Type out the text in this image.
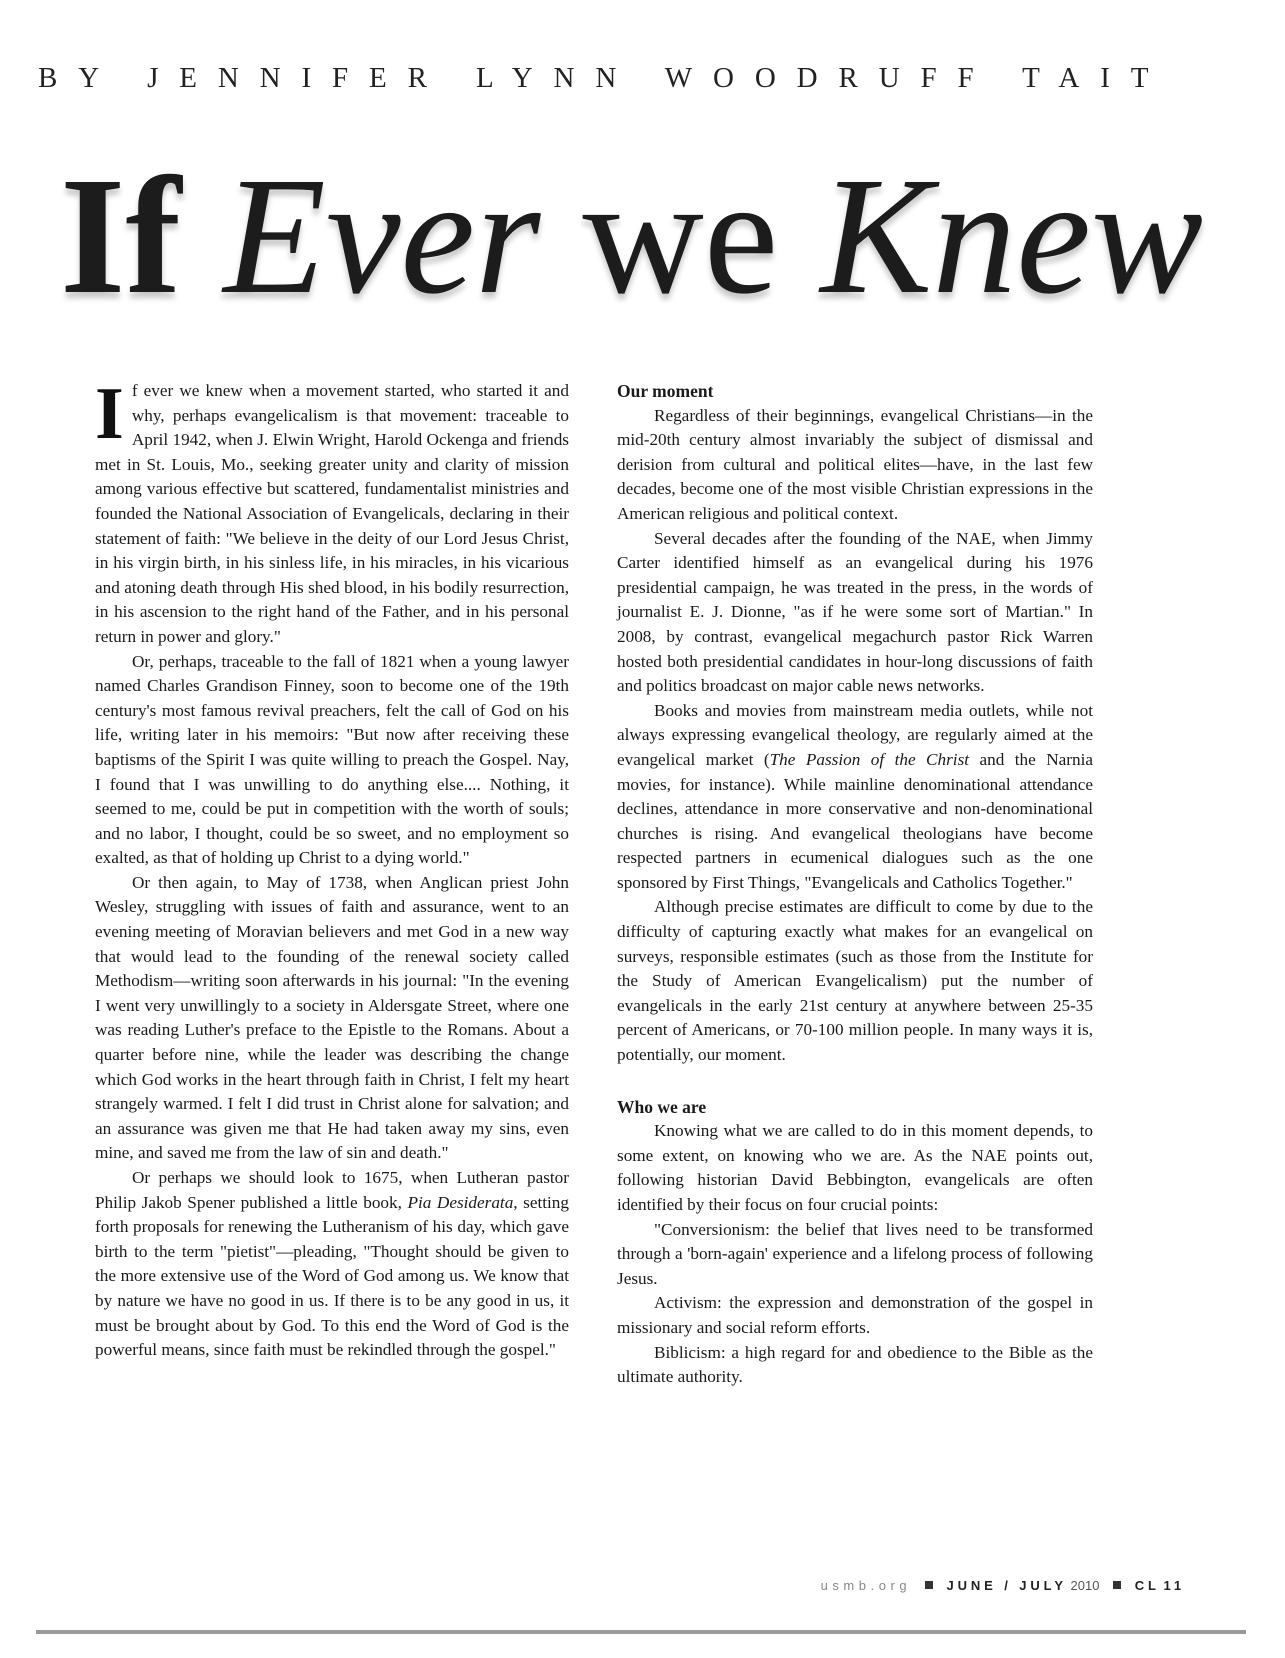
BY JENNIFER LYNN WOODRUFF TAIT
If Ever we Knew

If ever we knew when a movement started, who started it and why, perhaps evangelicalism is that movement: traceable to April 1942, when J. Elwin Wright, Harold Ockenga and friends met in St. Louis, Mo., seeking greater unity and clarity of mission among various effective but scattered, fundamentalist ministries and founded the National Association of Evangelicals, declaring in their statement of faith: "We believe in the deity of our Lord Jesus Christ, in his virgin birth, in his sinless life, in his miracles, in his vicarious and atoning death through His shed blood, in his bodily resurrection, in his ascension to the right hand of the Father, and in his personal return in power and glory."

Or, perhaps, traceable to the fall of 1821 when a young lawyer named Charles Grandison Finney, soon to become one of the 19th century's most famous revival preachers, felt the call of God on his life, writing later in his memoirs: "But now after receiving these baptisms of the Spirit I was quite willing to preach the Gospel. Nay, I found that I was unwilling to do anything else.... Nothing, it seemed to me, could be put in competition with the worth of souls; and no labor, I thought, could be so sweet, and no employment so exalted, as that of holding up Christ to a dying world."

Or then again, to May of 1738, when Anglican priest John Wesley, struggling with issues of faith and assurance, went to an evening meeting of Moravian believers and met God in a new way that would lead to the founding of the renewal society called Methodism—writing soon afterwards in his journal: "In the evening I went very unwillingly to a society in Aldersgate Street, where one was reading Luther's preface to the Epistle to the Romans. About a quarter before nine, while the leader was describing the change which God works in the heart through faith in Christ, I felt my heart strangely warmed. I felt I did trust in Christ alone for salvation; and an assurance was given me that He had taken away my sins, even mine, and saved me from the law of sin and death."

Or perhaps we should look to 1675, when Lutheran pastor Philip Jakob Spener published a little book, Pia Desiderata, setting forth proposals for renewing the Lutheranism of his day, which gave birth to the term "pietist"—pleading, "Thought should be given to the more extensive use of the Word of God among us. We know that by nature we have no good in us. If there is to be any good in us, it must be brought about by God. To this end the Word of God is the powerful means, since faith must be rekindled through the gospel."

Our moment

Regardless of their beginnings, evangelical Christians—in the mid-20th century almost invariably the subject of dismissal and derision from cultural and political elites—have, in the last few decades, become one of the most visible Christian expressions in the American religious and political context.

Several decades after the founding of the NAE, when Jimmy Carter identified himself as an evangelical during his 1976 presidential campaign, he was treated in the press, in the words of journalist E. J. Dionne, "as if he were some sort of Martian." In 2008, by contrast, evangelical megachurch pastor Rick Warren hosted both presidential candidates in hour-long discussions of faith and politics broadcast on major cable news networks.

Books and movies from mainstream media outlets, while not always expressing evangelical theology, are regularly aimed at the evangelical market (The Passion of the Christ and the Narnia movies, for instance). While mainline denominational attendance declines, attendance in more conservative and non-denominational churches is rising. And evangelical theologians have become respected partners in ecumenical dialogues such as the one sponsored by First Things, "Evangelicals and Catholics Together."

Although precise estimates are difficult to come by due to the difficulty of capturing exactly what makes for an evangelical on surveys, responsible estimates (such as those from the Institute for the Study of American Evangelicalism) put the number of evangelicals in the early 21st century at anywhere between 25-35 percent of Americans, or 70-100 million people. In many ways it is, potentially, our moment.

Who we are

Knowing what we are called to do in this moment depends, to some extent, on knowing who we are. As the NAE points out, following historian David Bebbington, evangelicals are often identified by their focus on four crucial points:

"Conversionism: the belief that lives need to be transformed through a 'born-again' experience and a lifelong process of following Jesus.

Activism: the expression and demonstration of the gospel in missionary and social reform efforts.

Biblicism: a high regard for and obedience to the Bible as the ultimate authority.

usmb.org	JUNE / JULY 2010	CL 11
